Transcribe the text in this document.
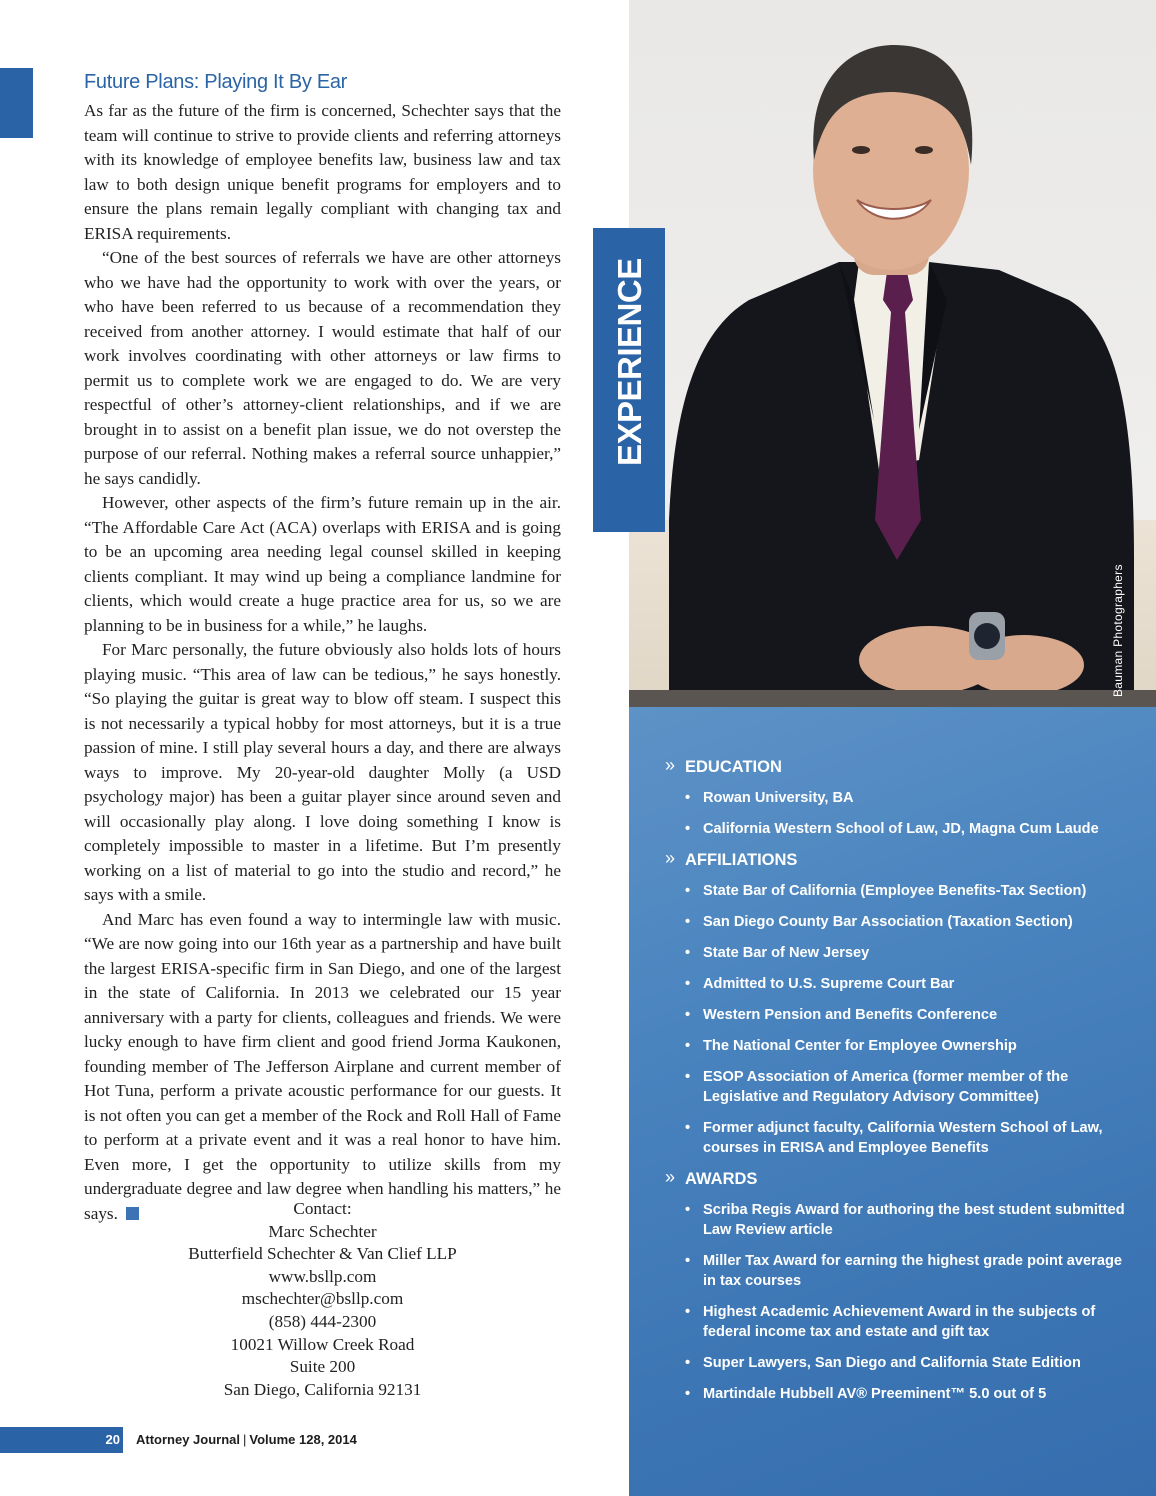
Future Plans: Playing It By Ear

As far as the future of the firm is concerned, Schechter says that the team will continue to strive to provide clients and referring attorneys with its knowledge of employee benefits law, business law and tax law to both design unique benefit programs for employers and to ensure the plans remain legally compliant with changing tax and ERISA requirements.

“One of the best sources of referrals we have are other attorneys who we have had the opportunity to work with over the years, or who have been referred to us because of a recommendation they received from another attorney. I would estimate that half of our work involves coordinating with other attorneys or law firms to permit us to complete work we are engaged to do. We are very respectful of other’s attorney-client relationships, and if we are brought in to assist on a benefit plan issue, we do not overstep the purpose of our referral. Nothing makes a referral source unhappier,” he says candidly.

However, other aspects of the firm’s future remain up in the air. “The Affordable Care Act (ACA) overlaps with ERISA and is going to be an upcoming area needing legal counsel skilled in keeping clients compliant. It may wind up being a compliance landmine for clients, which would create a huge practice area for us, so we are planning to be in business for a while,” he laughs.

For Marc personally, the future obviously also holds lots of hours playing music. “This area of law can be tedious,” he says honestly. “So playing the guitar is great way to blow off steam. I suspect this is not necessarily a typical hobby for most attorneys, but it is a true passion of mine. I still play several hours a day, and there are always ways to improve. My 20-year-old daughter Molly (a USD psychology major) has been a guitar player since around seven and will occasionally play along. I love doing something I know is completely impossible to master in a lifetime. But I’m presently working on a list of material to go into the studio and record,” he says with a smile.

And Marc has even found a way to intermingle law with music. “We are now going into our 16th year as a partnership and have built the largest ERISA-specific firm in San Diego, and one of the largest in the state of California. In 2013 we celebrated our 15 year anniversary with a party for clients, colleagues and friends. We were lucky enough to have firm client and good friend Jorma Kaukonen, founding member of The Jefferson Airplane and current member of Hot Tuna, perform a private acoustic performance for our guests. It is not often you can get a member of the Rock and Roll Hall of Fame to perform at a private event and it was a real honor to have him. Even more, I get the opportunity to utilize skills from my undergraduate degree and law degree when handling his matters,” he says.	Contact:
Marc Schechter
Butterfield Schechter & Van Clief LLP
www.bsllp.com
mschechter@bsllp.com
(858) 444-2300
10021 Willow Creek Road
Suite 200
San Diego, California 92131
20 Attorney Journal | Volume 128, 2014
Bauman Photographers
EXPERIENCE
» EDUCATION
• Rowan University, BA
• California Western School of Law, JD, Magna Cum Laude
» AFFILIATIONS
• State Bar of California (Employee Benefits-Tax Section)
• San Diego County Bar Association (Taxation Section)
• State Bar of New Jersey
• Admitted to U.S. Supreme Court Bar
• Western Pension and Benefits Conference
• The National Center for Employee Ownership
• ESOP Association of America (former member of the Legislative and Regulatory Advisory Committee)
• Former adjunct faculty, California Western School of Law, courses in ERISA and Employee Benefits
» AWARDS
• Scriba Regis Award for authoring the best student submitted Law Review article
• Miller Tax Award for earning the highest grade point average in tax courses
• Highest Academic Achievement Award in the subjects of federal income tax and estate and gift tax
• Super Lawyers, San Diego and California State Edition
• Martindale Hubbell AV® Preeminent™ 5.0 out of 5
